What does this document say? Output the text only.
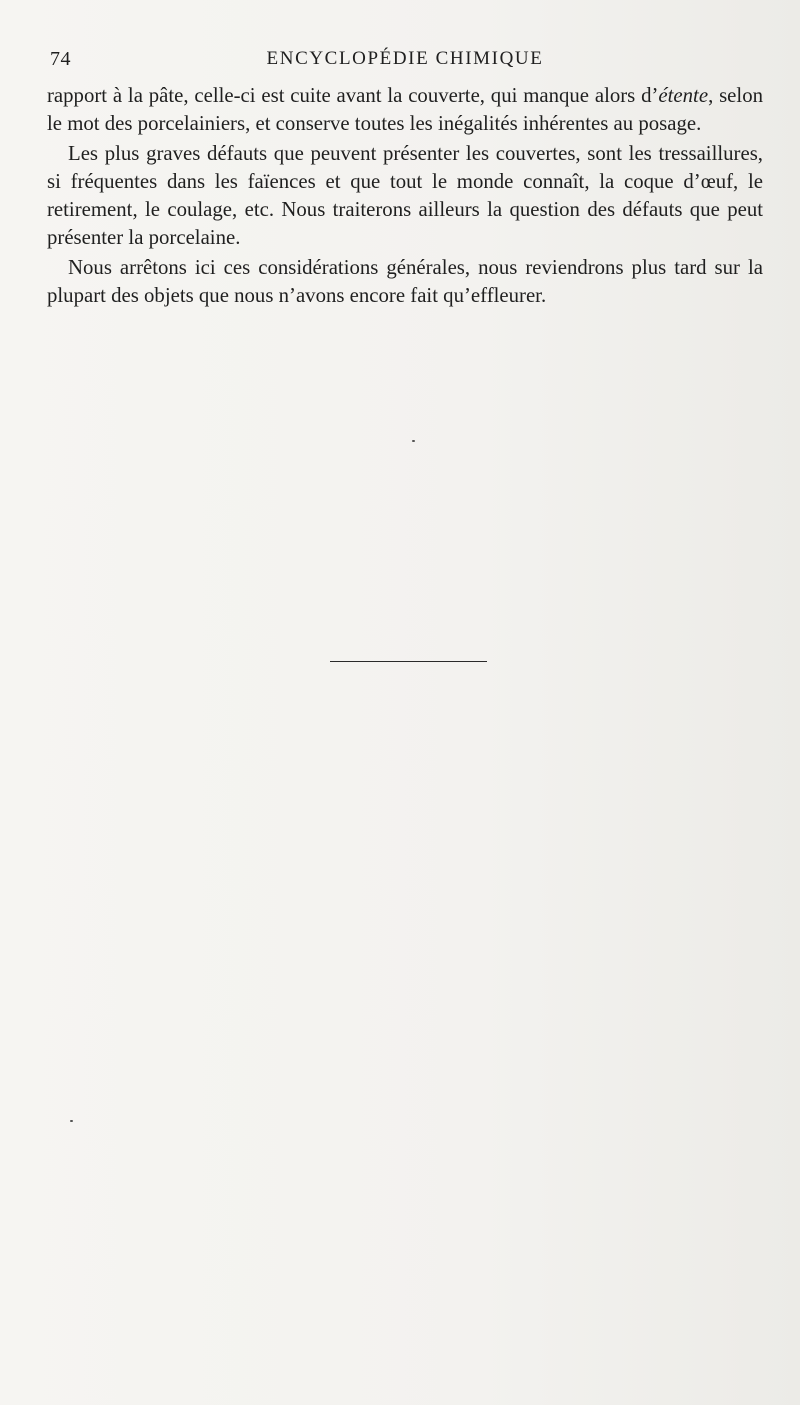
74	ENCYCLOPÉDIE CHIMIQUE

rapport à la pâte, celle-ci est cuite avant la couverte, qui manque alors d’étente, selon le mot des porcelainiers, et conserve toutes les inégalités inhérentes au posage.

Les plus graves défauts que peuvent présenter les couvertes, sont les tressaillures, si fréquentes dans les faïences et que tout le monde connaît, la coque d’œuf, le retirement, le coulage, etc. Nous traiterons ailleurs la question des défauts que peut présenter la porcelaine.

Nous arrêtons ici ces considérations générales, nous reviendrons plus tard sur la plupart des objets que nous n’avons encore fait qu’effleurer.
